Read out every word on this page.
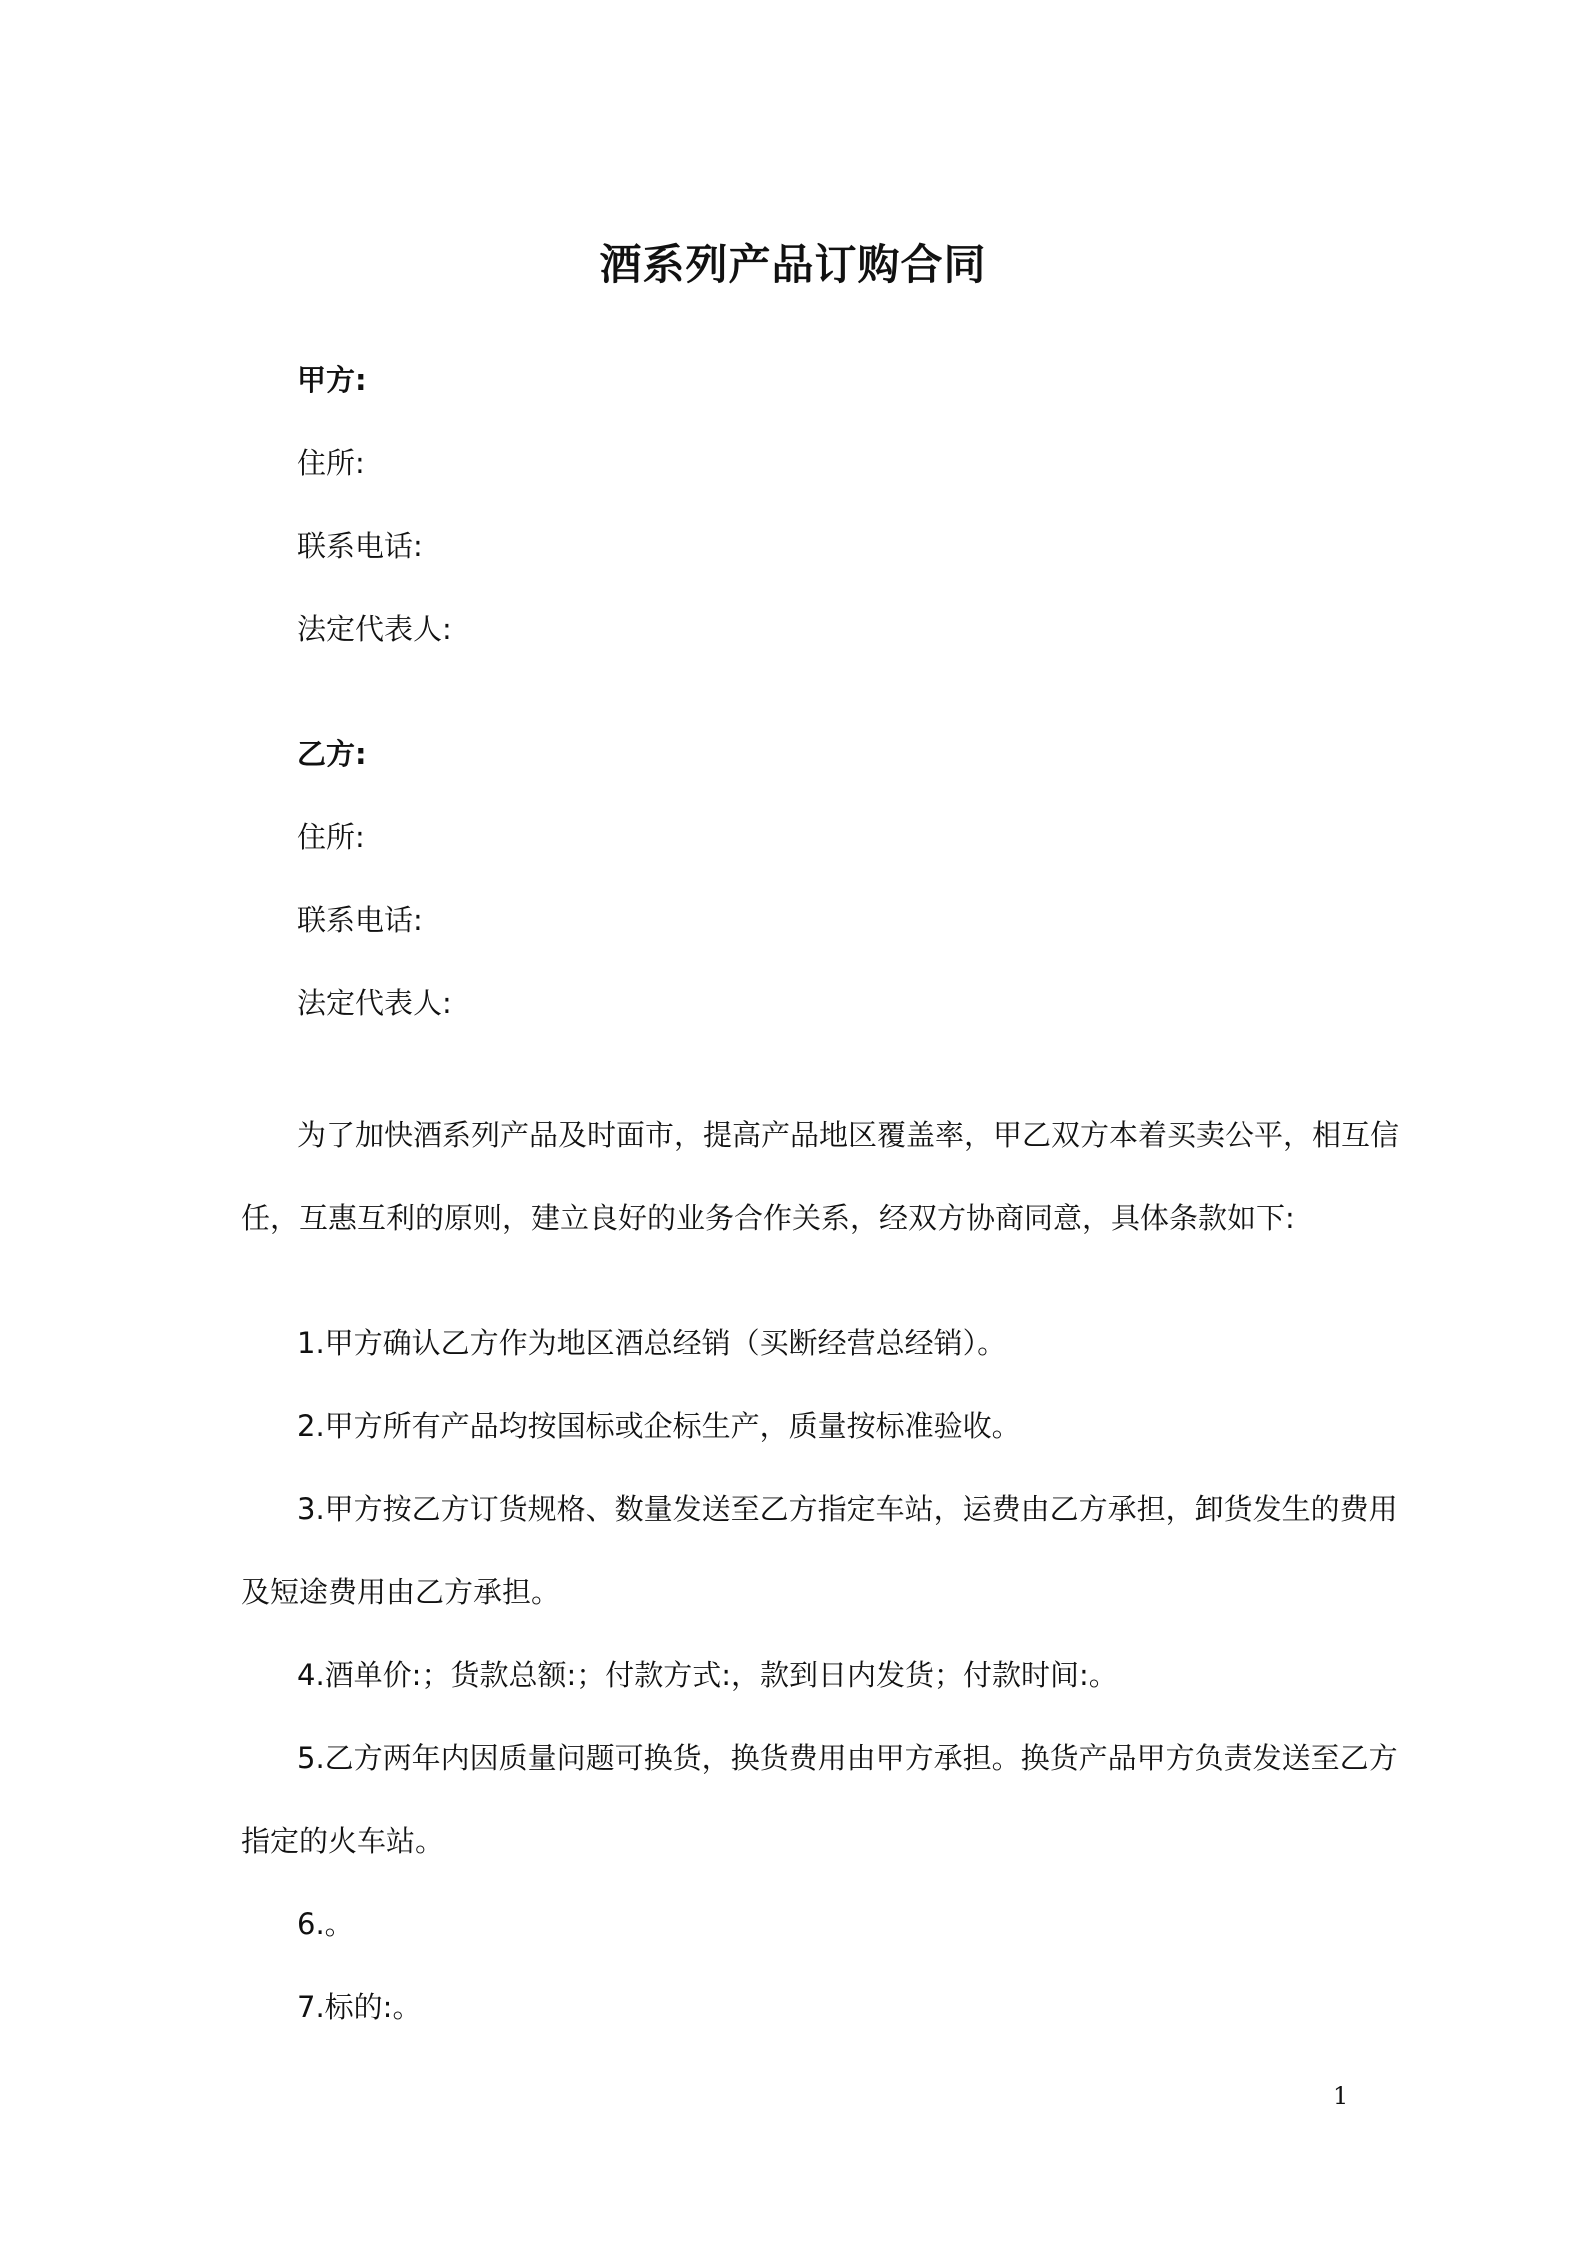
酒系列产品订购合同
甲方:
住所:
联系电话:
法定代表人:
乙方:
住所:
联系电话:
法定代表人:
为了加快酒系列产品及时面市，提高产品地区覆盖率，甲乙双方本着买卖公平，相互信
任，互惠互利的原则，建立良好的业务合作关系，经双方协商同意，具体条款如下:
1.甲方确认乙方作为地区酒总经销（买断经营总经销）。
2.甲方所有产品均按国标或企标生产，质量按标准验收。
3.甲方按乙方订货规格、数量发送至乙方指定车站，运费由乙方承担，卸货发生的费用
及短途费用由乙方承担。
4.酒单价:；货款总额:；付款方式:，款到日内发货；付款时间:。
5.乙方两年内因质量问题可换货，换货费用由甲方承担。换货产品甲方负责发送至乙方
指定的火车站。
6.。
7.标的:。
1
